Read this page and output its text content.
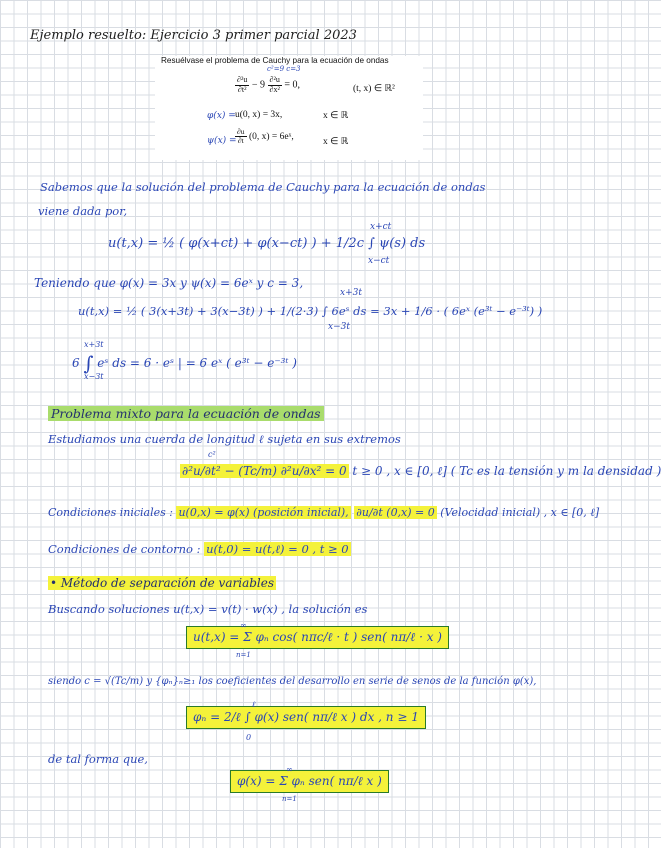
Ejemplo resuelto: Ejercicio 3 primer parcial 2023
Resuélvase el problema de Cauchy para la ecuación de ondas
c²=9 c=3
$\frac{\text{∂²u}}{\text{∂t²}} - 9 \frac{\text{∂²u}}{\text{∂x²}} = 0$,	(t, x) ∈ ℝ²
φ(x) = u(0, x) = 3x,	x ∈ ℝ
ψ(x) =
$\frac{\partial u}{\partial t} (0$, x) = 6eˣ,	x ∈ ℝ
Sabemos que la solución del problema de Cauchy para la ecuación de ondas
viene dada por,
x+ct
u(t,x) = ½ ( φ(x+ct) + φ(x−ct) ) + 1/2c ∫ ψ(s) ds
x−ct
Teniendo que φ(x) = 3x y ψ(x) = 6eˣ y c = 3,
x+3t
u(t,x) = ½ ( 3(x+3t) + 3(x−3t) ) + 1/(2·3) ∫ 6eˢ ds = 3x + 1/6 · ( 6eˣ (e³ᵗ − e⁻³ᵗ) )
x−3t
6 ∫ eˢ ds = 6 · eˢ | = 6 eˣ ( e³ᵗ − e⁻³ᵗ )
x+3t
x−3t
Problema mixto para la ecuación de ondas
Estudiamos una cuerda de longitud ℓ sujeta en sus extremos
c²
∂²u/∂t² − (Tc/m) ∂²u/∂x² = 0 t ≥ 0 , x ∈ [0, ℓ] ( Tc es la tensión y m la densidad )
Condiciones iniciales : u(0,x) = φ(x) (posición inicial), ∂u/∂t (0,x) = 0 (Velocidad inicial) , x ∈ [0, ℓ]
Condiciones de contorno : u(t,0) = u(t,ℓ) = 0 , t ≥ 0
• Método de separación de variables
Buscando soluciones u(t,x) = v(t) · w(x) , la solución es
u(t,x) = Σ φₙ cos( nπc/ℓ · t ) sen( nπ/ℓ · x )
∞
n=1
siendo c = √(Tc/m) y {φₙ}ₙ≥₁ los coeficientes del desarrollo en serie de senos de la función φ(x),
φₙ = 2/ℓ ∫ φ(x) sen( nπ/ℓ x ) dx , n ≥ 1
ℓ
0
de tal forma que,
φ(x) = Σ φₙ sen( nπ/ℓ x )
∞
n=1
